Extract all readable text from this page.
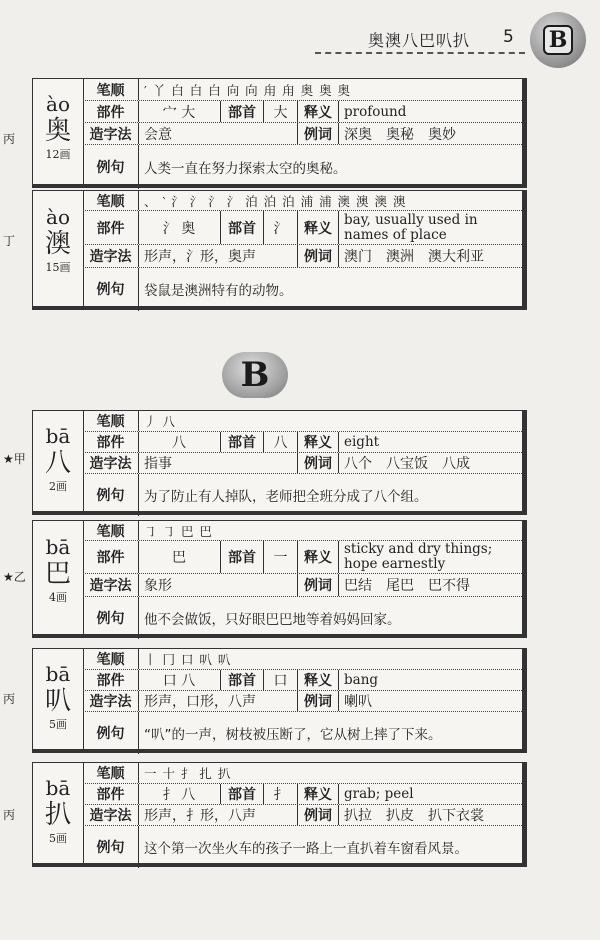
奥澳八巴叭扒 5 B
B
丙
ào
奥
12画
笔顺	′ 丫 白 白 白 向 向 甪 甪 奥 奥 奥
部件	宀 大	部首	大	释义 profound
造字法 会意	例词 深奥　奥秘　奥妙
例句	人类一直在努力探索太空的奥秘。
丁
ào
澳
15画
笔顺	、 ‵ 氵 氵 氵 氵 泊 泊 泊 浦 浦 澳 澳 澳 澳
部件	氵 奥	部首	氵	释义
bay, usually used in names of place
造字法 形声，氵形，奥声	例词 澳门　澳洲　澳大利亚
例句	袋鼠是澳洲特有的动物。
★甲
bā
八
2画
笔顺	丿 八
部件	八	部首	八	释义 eight
造字法 指事	例词 八个　八宝饭　八成
例句	为了防止有人掉队，老师把全班分成了八个组。
★乙
bā
巴
4画
笔顺	㇆ ㇆ 巴 巴
部件	巴	部首	一	释义
sticky and dry things; hope earnestly
造字法 象形	例词 巴结　尾巴　巴不得
例句	他不会做饭，只好眼巴巴地等着妈妈回家。
丙
bā
叭
5画
笔顺	丨 冂 口 叭 叭
部件	口 八	部首	口	释义 bang
造字法 形声，口形，八声	例词 喇叭
例句	“叭”的一声，树枝被压断了，它从树上摔了下来。
丙
bā
扒
5画
笔顺	一 十 扌 扎 扒
部件	扌 八	部首	扌	释义 grab; peel
造字法 形声，扌形，八声	例词 扒拉　扒皮　扒下衣裳
例句	这个第一次坐火车的孩子一路上一直扒着车窗看风景。
